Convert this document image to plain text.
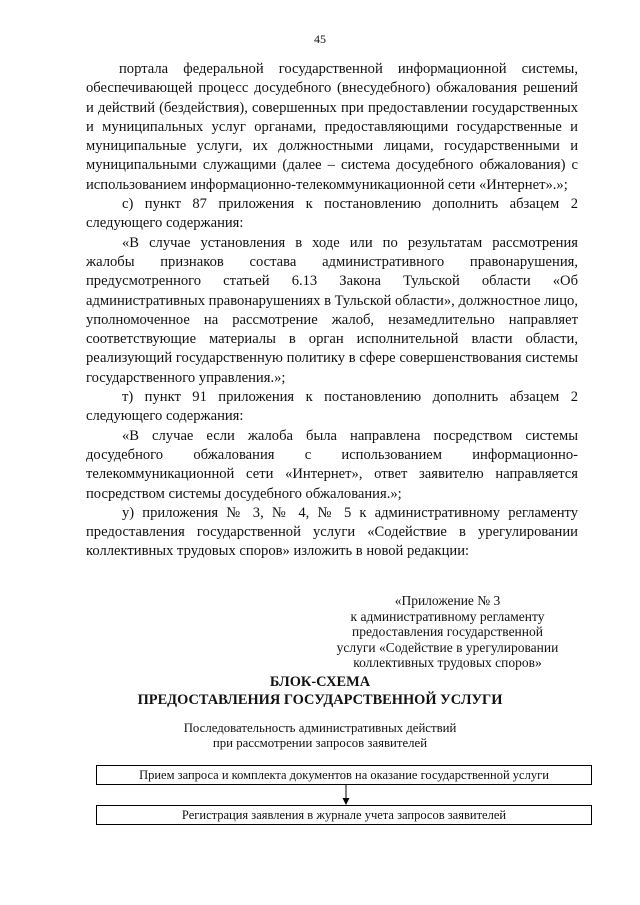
45

портала федеральной государственной информационной системы, обеспечивающей процесс досудебного (внесудебного) обжалования решений и действий (бездействия), совершенных при предоставлении государственных и муниципальных услуг органами, предоставляющими государственные и муниципальные услуги, их должностными лицами, государственными и муниципальными служащими (далее – система досудебного обжалования) с использованием информационно-телекоммуникационной сети «Интернет».»;

с) пункт 87 приложения к постановлению дополнить абзацем 2 следующего содержания:

«В случае установления в ходе или по результатам рассмотрения жалобы признаков состава административного правонарушения, предусмотренного статьей 6.13 Закона Тульской области «Об административных правонарушениях в Тульской области», должностное лицо, уполномоченное на рассмотрение жалоб, незамедлительно направляет соответствующие материалы в орган исполнительной власти области, реализующий государственную политику в сфере совершенствования системы государственного управления.»;

т) пункт 91 приложения к постановлению дополнить абзацем 2 следующего содержания:

«В случае если жалоба была направлена посредством системы досудебного обжалования с использованием информационно-телекоммуникационной сети «Интернет», ответ заявителю направляется посредством системы досудебного обжалования.»;

у) приложения № 3, № 4, № 5 к административному регламенту предоставления государственной услуги «Содействие в урегулировании коллективных трудовых споров» изложить в новой редакции:

«Приложение № 3
к административному регламенту
предоставления государственной
услуги «Содействие в урегулировании
коллективных трудовых споров»
БЛОК-СХЕМА
ПРЕДОСТАВЛЕНИЯ ГОСУДАРСТВЕННОЙ УСЛУГИ
Последовательность административных действий
при рассмотрении запросов заявителей
Прием запроса и комплекта документов на оказание государственной услуги
Регистрация заявления в журнале учета запросов заявителей
